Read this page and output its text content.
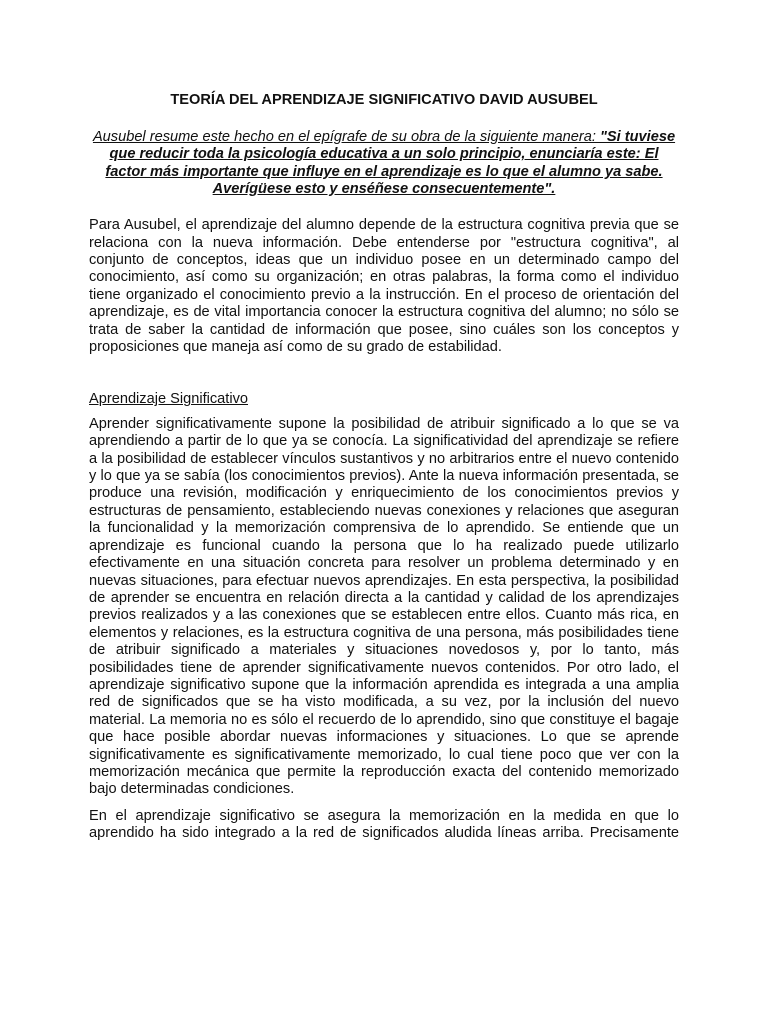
TEORÍA DEL APRENDIZAJE SIGNIFICATIVO DAVID AUSUBEL

Ausubel resume este hecho en el epígrafe de su obra de la siguiente manera: "Si tuviese que reducir toda la psicología educativa a un solo principio, enunciaría este: El factor más importante que influye en el aprendizaje es lo que el alumno ya sabe. Averígüese esto y enséñese consecuentemente".

Para Ausubel, el aprendizaje del alumno depende de la estructura cognitiva previa que se relaciona con la nueva información. Debe entenderse por "estructura cognitiva", al conjunto de conceptos, ideas que un individuo posee en un determinado campo del conocimiento, así como su organización; en otras palabras, la forma como el individuo tiene organizado el conocimiento previo a la instrucción. En el proceso de orientación del aprendizaje, es de vital importancia conocer la estructura cognitiva del alumno; no sólo se trata de saber la cantidad de información que posee, sino cuáles son los conceptos y proposiciones que maneja así como de su grado de estabilidad.

Aprendizaje Significativo

Aprender significativamente supone la posibilidad de atribuir significado a lo que se va aprendiendo a partir de lo que ya se conocía. La significatividad del aprendizaje se refiere a la posibilidad de establecer vínculos sustantivos y no arbitrarios entre el nuevo contenido y lo que ya se sabía (los conocimientos previos). Ante la nueva información presentada, se produce una revisión, modificación y enriquecimiento de los conocimientos previos y estructuras de pensamiento, estableciendo nuevas conexiones y relaciones que aseguran la funcionalidad y la memorización comprensiva de lo aprendido. Se entiende que un aprendizaje es funcional cuando la persona que lo ha realizado puede utilizarlo efectivamente en una situación concreta para resolver un problema determinado y en nuevas situaciones, para efectuar nuevos aprendizajes. En esta perspectiva, la posibilidad de aprender se encuentra en relación directa a la cantidad y calidad de los aprendizajes previos realizados y a las conexiones que se establecen entre ellos. Cuanto más rica, en elementos y relaciones, es la estructura cognitiva de una persona, más posibilidades tiene de atribuir significado a materiales y situaciones novedosos y, por lo tanto, más posibilidades tiene de aprender significativamente nuevos contenidos. Por otro lado, el aprendizaje significativo supone que la información aprendida es integrada a una amplia red de significados que se ha visto modificada, a su vez, por la inclusión del nuevo material. La memoria no es sólo el recuerdo de lo aprendido, sino que constituye el bagaje que hace posible abordar nuevas informaciones y situaciones. Lo que se aprende significativamente es significativamente memorizado, lo cual tiene poco que ver con la memorización mecánica que permite la reproducción exacta del contenido memorizado bajo determinadas condiciones.

En el aprendizaje significativo se asegura la memorización en la medida en que lo aprendido ha sido integrado a la red de significados aludida líneas arriba. Precisamente
